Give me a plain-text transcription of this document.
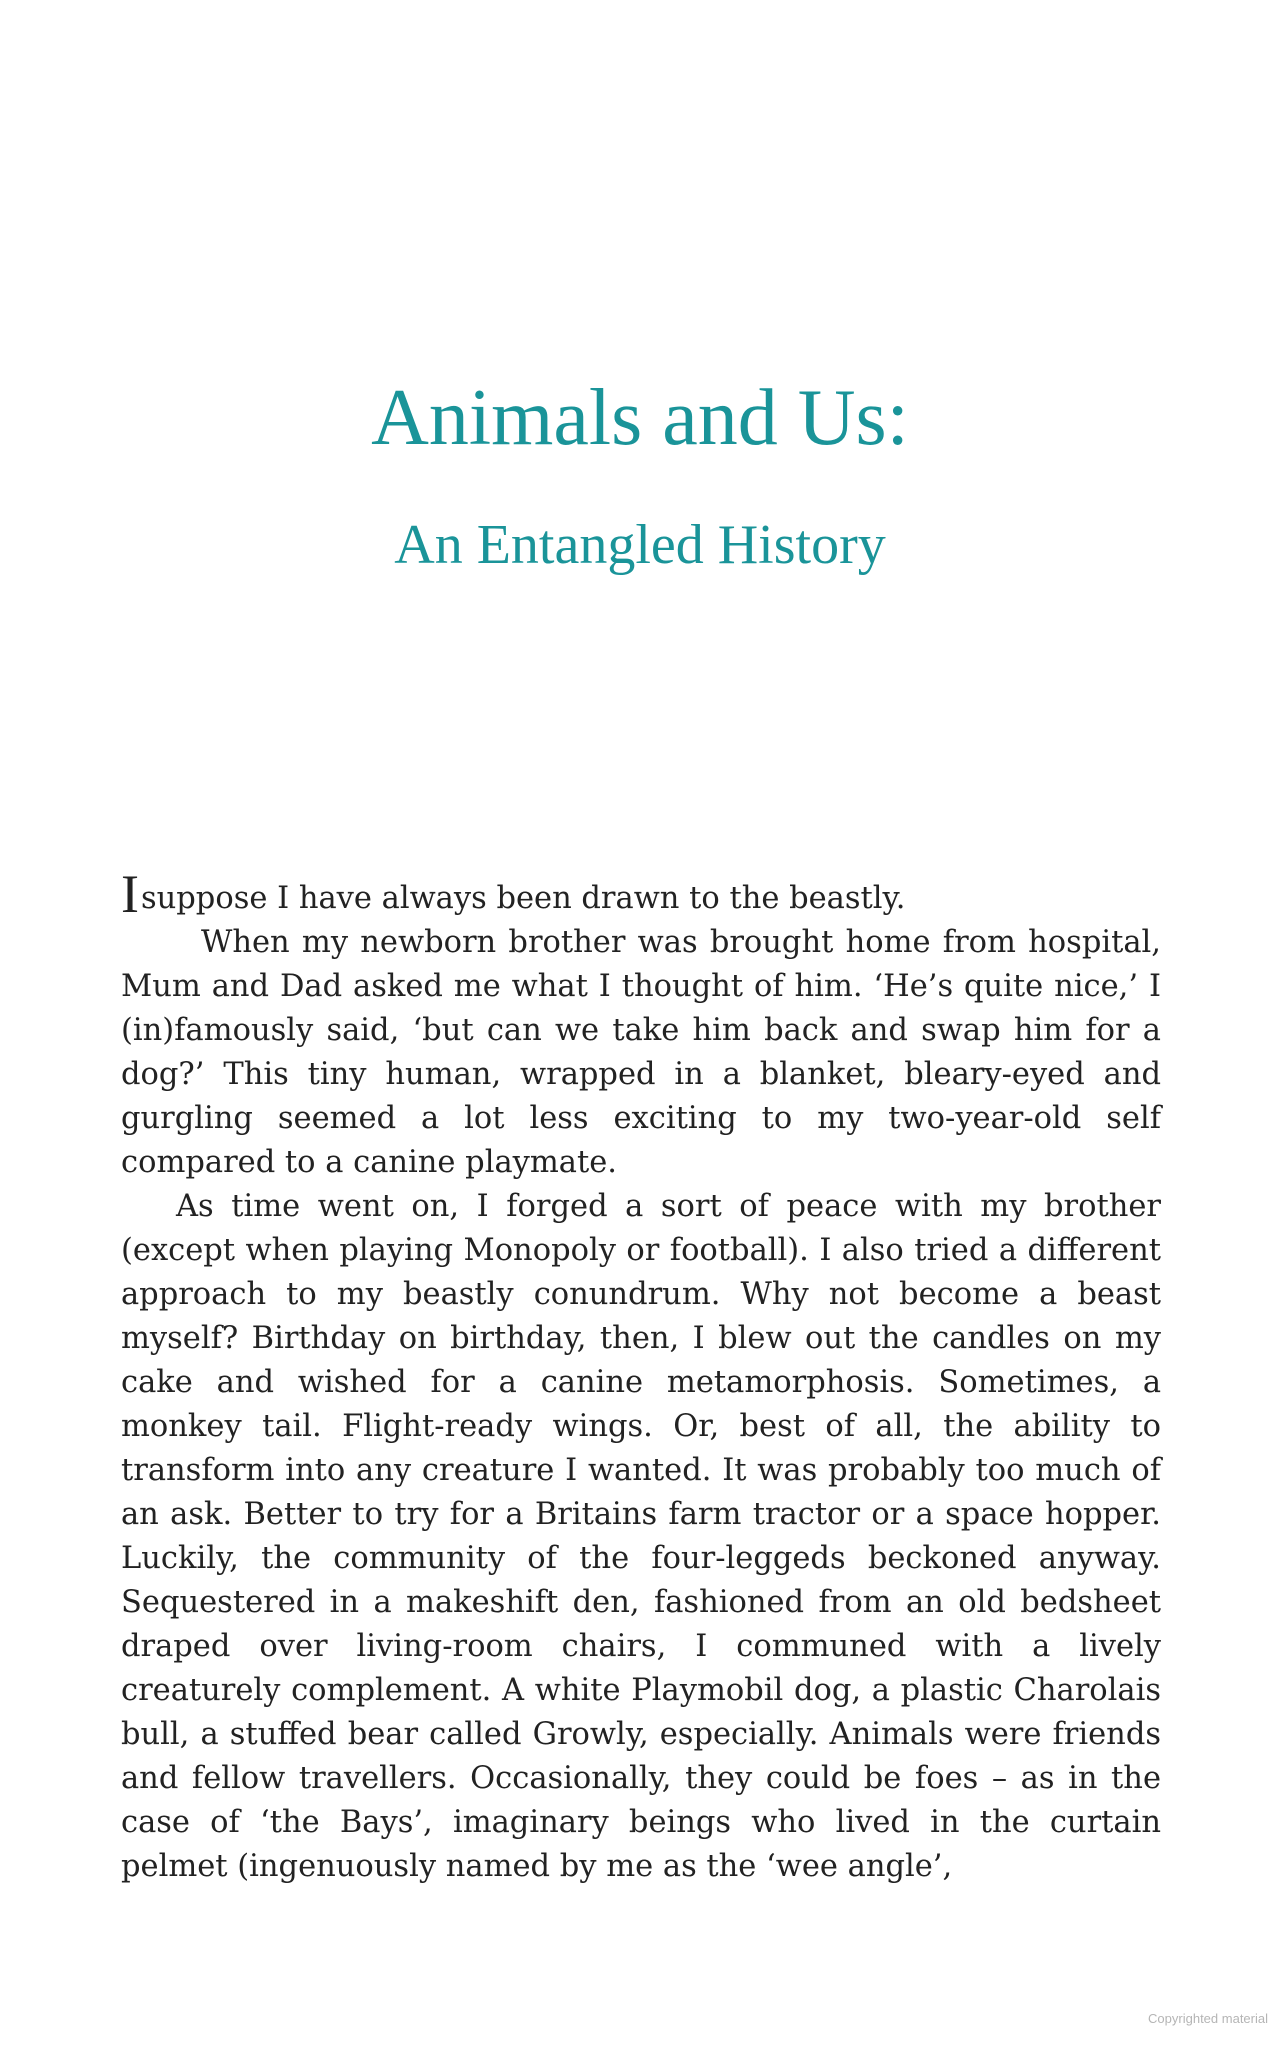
Animals and Us:
An Entangled History

Isuppose I have always been drawn to the beastly.

When my newborn brother was brought home from hospital, Mum and Dad asked me what I thought of him. ‘He’s quite nice,’ I (in)famously said, ‘but can we take him back and swap him for a dog?’ This tiny human, wrapped in a blanket, bleary-eyed and gurgling seemed a lot less exciting to my two-year-old self compared to a canine playmate.

As time went on, I forged a sort of peace with my brother (except when playing Monopoly or football). I also tried a different approach to my beastly conundrum. Why not become a beast myself? Birthday on birthday, then, I blew out the candles on my cake and wished for a canine metamorphosis. Sometimes, a monkey tail. Flight-ready wings. Or, best of all, the ability to transform into any creature I wanted. It was probably too much of an ask. Better to try for a Britains farm tractor or a space hopper. Luckily, the community of the four-leggeds beckoned anyway. Sequestered in a makeshift den, fashioned from an old bedsheet draped over living-room chairs, I communed with a lively creaturely complement. A white Playmobil dog, a plastic Charolais bull, a stuffed bear called Growly, especially. Animals were friends and fellow travellers. Occasionally, they could be foes – as in the case of ‘the Bays’, imaginary beings who lived in the curtain pelmet (ingenuously named by me as the ‘wee angle’,

Copyrighted material
